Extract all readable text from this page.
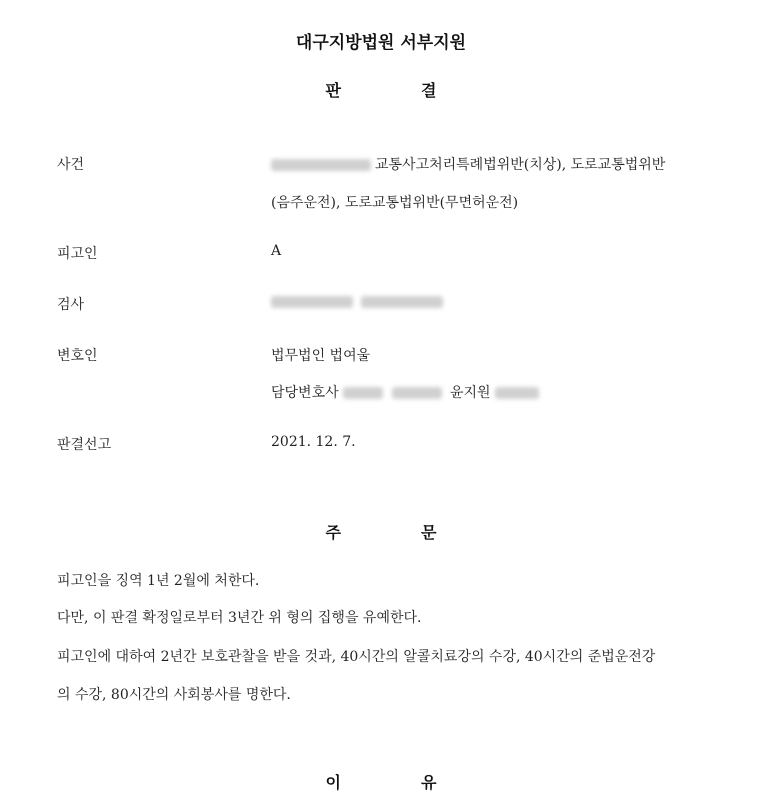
대구지방법원 서부지원
판	결
사건	교통사고처리특례법위반(치상), 도로교통법위반
(음주운전), 도로교통법위반(무면허운전)
피고인	A
검사

변호인	법무법인 법여울
담당변호사	윤지원
판결선고	2021. 12. 7.
주	문
피고인을 징역 1년 2월에 처한다.
다만, 이 판결 확정일로부터 3년간 위 형의 집행을 유예한다.
피고인에 대하여 2년간 보호관찰을 받을 것과, 40시간의 알콜치료강의 수강, 40시간의 준법운전강
의 수강, 80시간의 사회봉사를 명한다.
이	유
